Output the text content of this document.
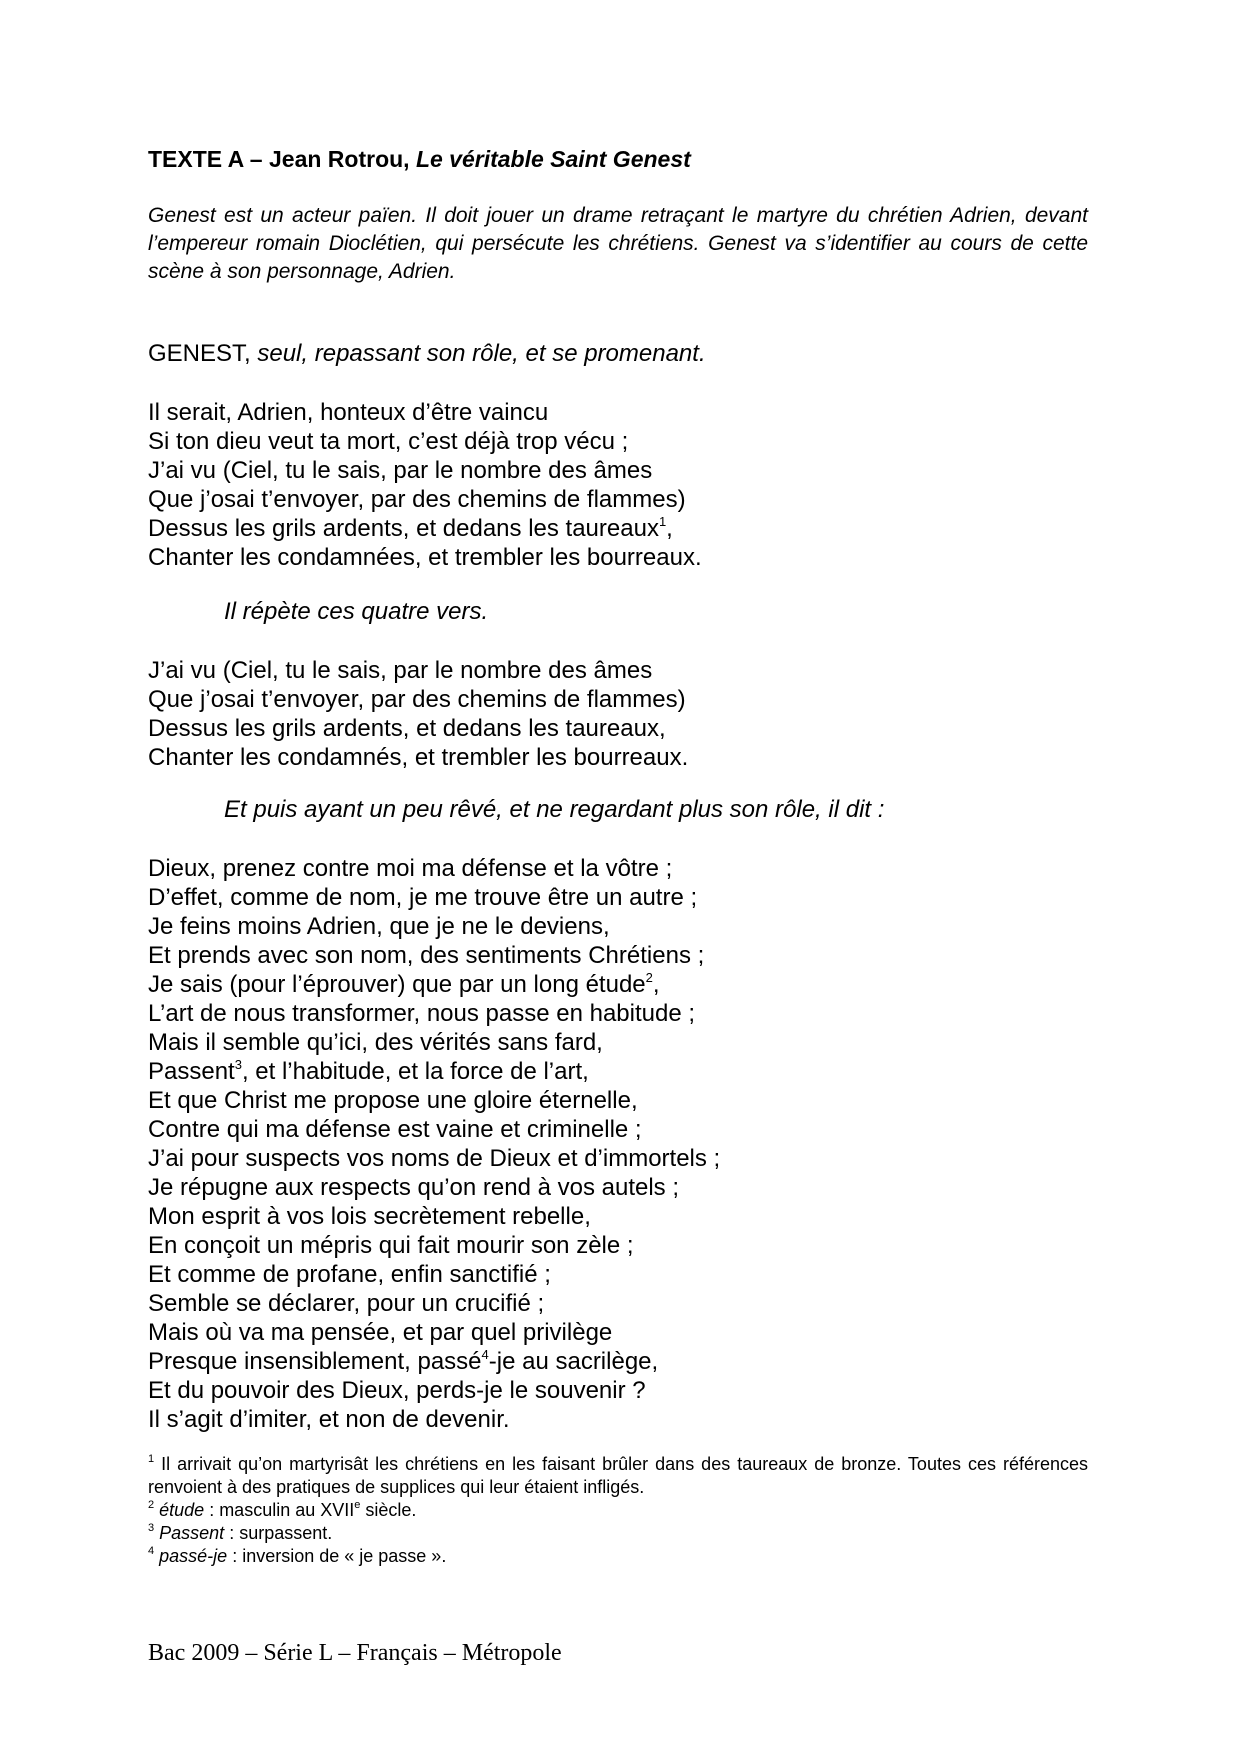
TEXTE A – Jean Rotrou, Le véritable Saint Genest
Genest est un acteur païen. Il doit jouer un drame retraçant le martyre du chrétien Adrien, devant l’empereur romain Dioclétien, qui persécute les chrétiens. Genest va s’identifier au cours de cette scène à son personnage, Adrien.
GENEST, seul, repassant son rôle, et se promenant.
Il serait, Adrien, honteux d’être vaincu
Si ton dieu veut ta mort, c’est déjà trop vécu ;
J’ai vu (Ciel, tu le sais, par le nombre des âmes
Que j’osai t’envoyer, par des chemins de flammes)
Dessus les grils ardents, et dedans les taureaux$^1$,
Chanter les condamnées, et trembler les bourreaux.
Il répète ces quatre vers.
J’ai vu (Ciel, tu le sais, par le nombre des âmes
Que j’osai t’envoyer, par des chemins de flammes)
Dessus les grils ardents, et dedans les taureaux,
Chanter les condamnés, et trembler les bourreaux.
Et puis ayant un peu rêvé, et ne regardant plus son rôle, il dit :
Dieux, prenez contre moi ma défense et la vôtre ;
D’effet, comme de nom, je me trouve être un autre ;
Je feins moins Adrien, que je ne le deviens,
Et prends avec son nom, des sentiments Chrétiens ;
Je sais (pour l’éprouver) que par un long étude$^2$,
L’art de nous transformer, nous passe en habitude ;
Mais il semble qu’ici, des vérités sans fard,
Passent$^3$, et l’habitude, et la force de l’art,
Et que Christ me propose une gloire éternelle,
Contre qui ma défense est vaine et criminelle ;
J’ai pour suspects vos noms de Dieux et d’immortels ;
Je répugne aux respects qu’on rend à vos autels ;
Mon esprit à vos lois secrètement rebelle,
En conçoit un mépris qui fait mourir son zèle ;
Et comme de profane, enfin sanctifié ;
Semble se déclarer, pour un crucifié ;
Mais où va ma pensée, et par quel privilège
Presque insensiblement, passé$^4$-je au sacrilège,
Et du pouvoir des Dieux, perds-je le souvenir ?
Il s’agit d’imiter, et non de devenir.
$^1$ Il arrivait qu’on martyrisât les chrétiens en les faisant brûler dans des taureaux de bronze. Toutes ces références renvoient à des pratiques de supplices qui leur étaient infligés.
$^2$ étude : masculin au XVIIe siècle.
$^3$ Passent : surpassent.
$^4$ passé-je : inversion de « je passe ».
Bac 2009 – Série L – Français – Métropole
